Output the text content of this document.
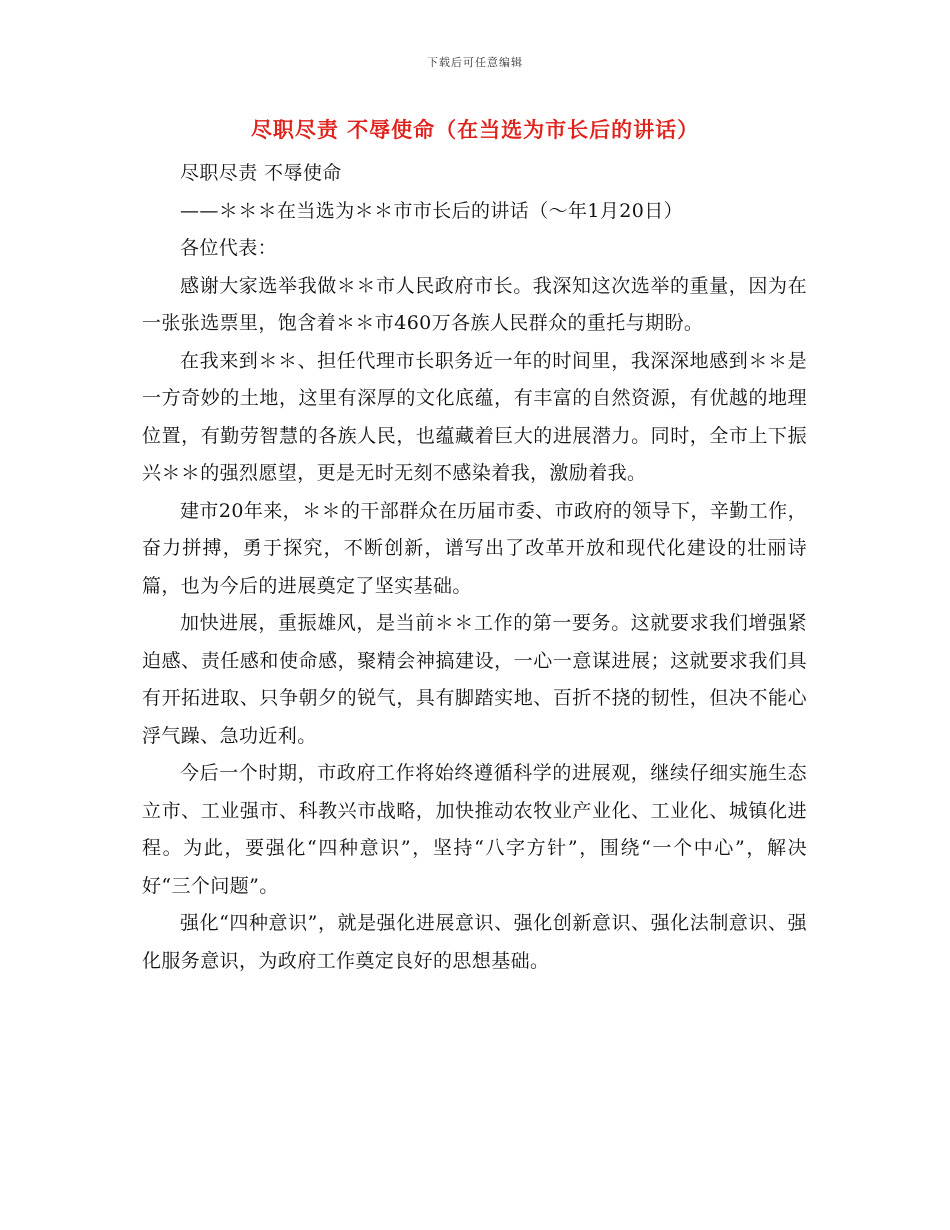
下载后可任意编辑
尽职尽责 不辱使命（在当选为市长后的讲话）

尽职尽责 不辱使命

——＊＊＊在当选为＊＊市市长后的讲话（～年1月20日）

各位代表：

感谢大家选举我做＊＊市人民政府市长。我深知这次选举的重量，因为在一张张选票里，饱含着＊＊市460万各族人民群众的重托与期盼。

在我来到＊＊、担任代理市长职务近一年的时间里，我深深地感到＊＊是一方奇妙的土地，这里有深厚的文化底蕴，有丰富的自然资源，有优越的地理位置，有勤劳智慧的各族人民，也蕴藏着巨大的进展潜力。同时，全市上下振兴＊＊的强烈愿望，更是无时无刻不感染着我，激励着我。

建市20年来，＊＊的干部群众在历届市委、市政府的领导下，辛勤工作，奋力拼搏，勇于探究，不断创新，谱写出了改革开放和现代化建设的壮丽诗篇，也为今后的进展奠定了坚实基础。

加快进展，重振雄风，是当前＊＊工作的第一要务。这就要求我们增强紧迫感、责任感和使命感，聚精会神搞建设，一心一意谋进展；这就要求我们具有开拓进取、只争朝夕的锐气，具有脚踏实地、百折不挠的韧性，但决不能心浮气躁、急功近利。

今后一个时期，市政府工作将始终遵循科学的进展观，继续仔细实施生态立市、工业强市、科教兴市战略，加快推动农牧业产业化、工业化、城镇化进程。为此，要强化“四种意识”，坚持“八字方针”，围绕“一个中心”，解决好“三个问题”。

强化“四种意识”，就是强化进展意识、强化创新意识、强化法制意识、强化服务意识，为政府工作奠定良好的思想基础。
